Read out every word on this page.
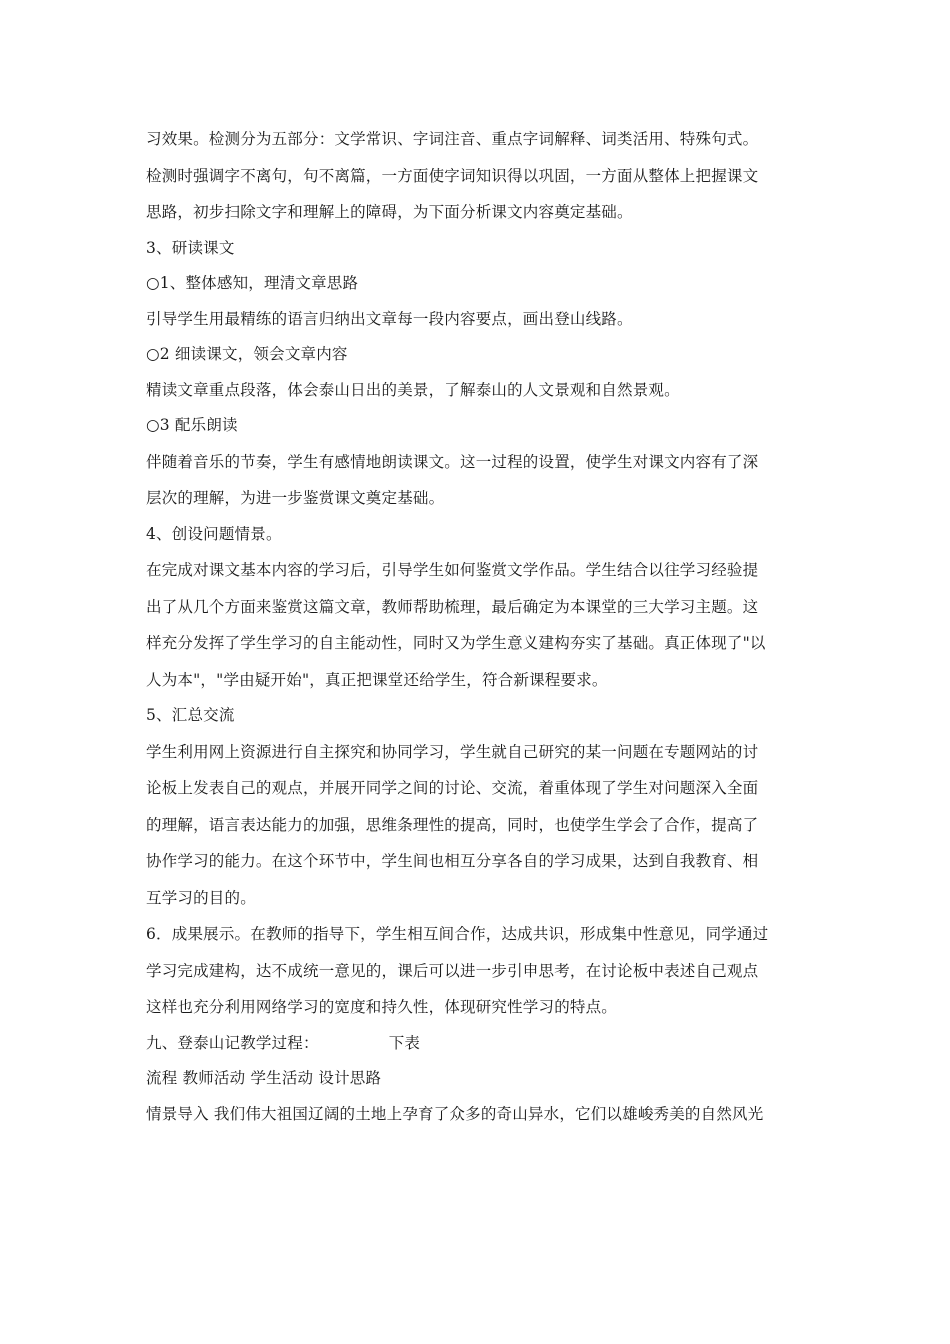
习效果。检测分为五部分：文学常识、字词注音、重点字词解释、词类活用、特殊句式。
检测时强调字不离句，句不离篇，一方面使字词知识得以巩固，一方面从整体上把握课文
思路，初步扫除文字和理解上的障碍，为下面分析课文内容奠定基础。
3、研读课文
○1、整体感知，理清文章思路
引导学生用最精练的语言归纳出文章每一段内容要点，画出登山线路。
○2 细读课文，领会文章内容
精读文章重点段落，体会泰山日出的美景，了解泰山的人文景观和自然景观。
○3 配乐朗读
伴随着音乐的节奏，学生有感情地朗读课文。这一过程的设置，使学生对课文内容有了深
层次的理解，为进一步鉴赏课文奠定基础。
4、创设问题情景。
在完成对课文基本内容的学习后，引导学生如何鉴赏文学作品。学生结合以往学习经验提
出了从几个方面来鉴赏这篇文章，教师帮助梳理，最后确定为本课堂的三大学习主题。这
样充分发挥了学生学习的自主能动性，同时又为学生意义建构夯实了基础。真正体现了"以
人为本"，"学由疑开始"，真正把课堂还给学生，符合新课程要求。
5、汇总交流
学生利用网上资源进行自主探究和协同学习，学生就自己研究的某一问题在专题网站的讨
论板上发表自己的观点，并展开同学之间的讨论、交流，着重体现了学生对问题深入全面
的理解，语言表达能力的加强，思维条理性的提高，同时，也使学生学会了合作，提高了
协作学习的能力。在这个环节中，学生间也相互分享各自的学习成果，达到自我教育、相
互学习的目的。
6．成果展示。在教师的指导下，学生相互间合作，达成共识，形成集中性意见，同学通过
学习完成建构，达不成统一意见的，课后可以进一步引申思考，在讨论板中表述自己观点
这样也充分利用网络学习的宽度和持久性，体现研究性学习的特点。
九、登泰山记教学过程：	下表
流程 教师活动 学生活动 设计思路
情景导入 我们伟大祖国辽阔的土地上孕育了众多的奇山异水，它们以雄峻秀美的自然风光
